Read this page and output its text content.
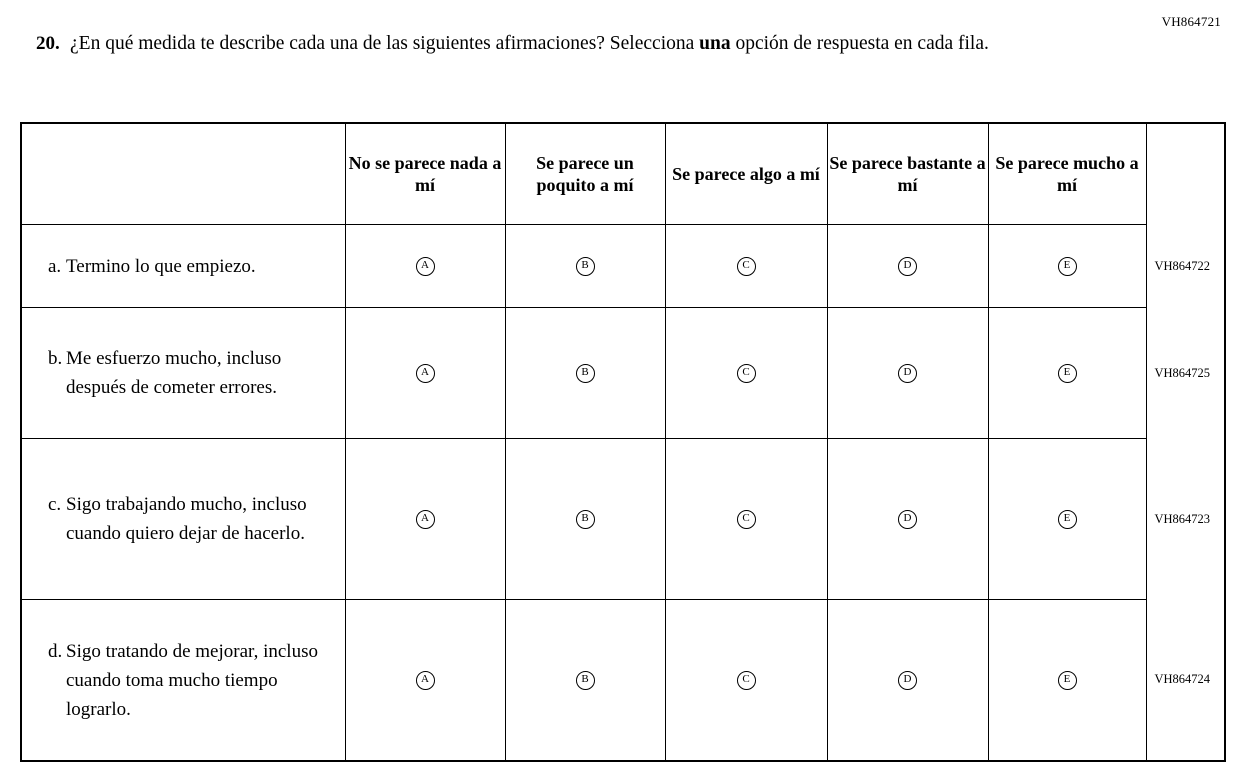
VH864721
20. ¿En qué medida te describe cada una de las siguientes afirmaciones? Selecciona una opción de respuesta en cada fila.
	No se parece nada a mí	Se parece un poquito a mí	Se parece algo a mí	Se parece bastante a mí	Se parece mucho a mí	

a. Termino lo que empiezo.	A	B	C	D	E	VH864722

b. Me esfuerzo mucho, incluso después de cometer errores.	A	B	C	D	E	VH864725

c. Sigo trabajando mucho, incluso cuando quiero dejar de hacerlo.	A	B	C	D	E	VH864723

d. Sigo tratando de mejorar, incluso cuando toma mucho tiempo lograrlo.	A	B	C	D	E	VH864724
